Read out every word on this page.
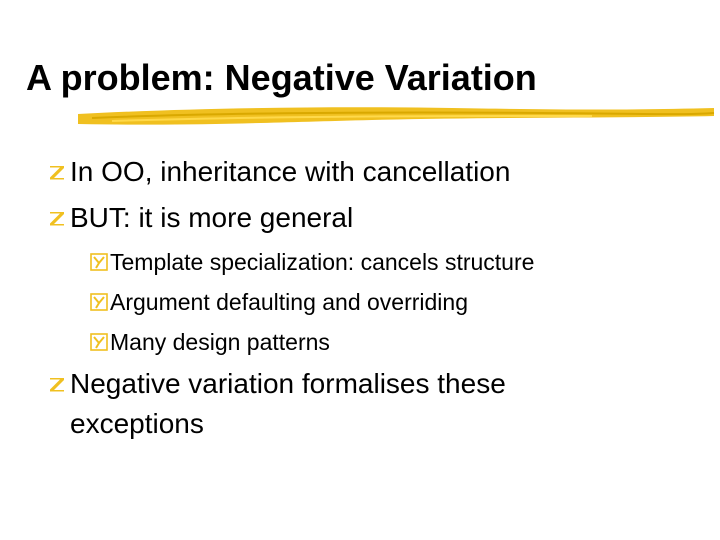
A problem: Negative Variation
In OO, inheritance with cancellation
BUT: it is more general
Template specialization: cancels structure
Argument defaulting and overriding
Many design patterns
Negative variation formalises these exceptions
